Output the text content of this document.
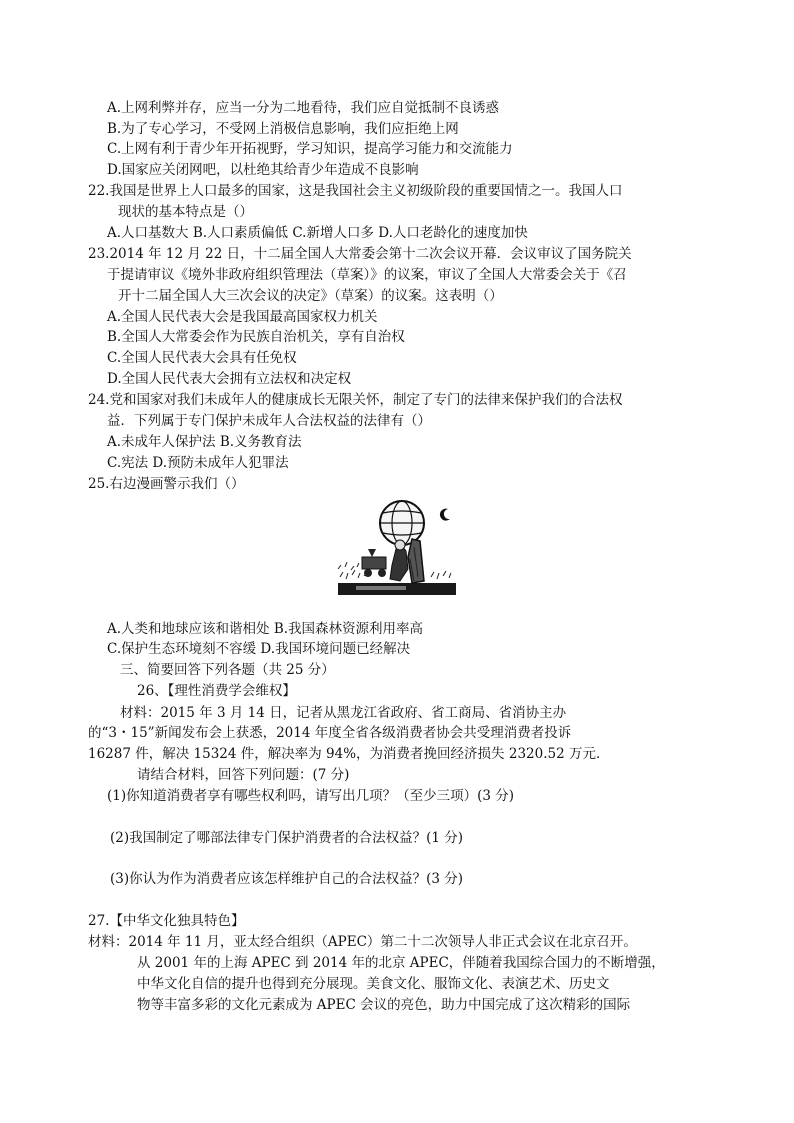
A.上网利弊并存，应当一分为二地看待，我们应自觉抵制不良诱惑
B.为了专心学习，不受网上消极信息影响，我们应拒绝上网
C.上网有利于青少年开拓视野，学习知识，提高学习能力和交流能力
D.国家应关闭网吧，以杜绝其给青少年造成不良影响
22.我国是世界上人口最多的国家，这是我国社会主义初级阶段的重要国情之一。我国人口
现状的基本特点是（）
A.人口基数大 B.人口素质偏低 C.新增人口多 D.人口老龄化的速度加快
23.2014 年 12 月 22 日，十二届全国人大常委会第十二次会议开幕．会议审议了国务院关
于提请审议《境外非政府组织管理法（草案）》的议案，审议了全国人大常委会关于《召
开十二届全国人大三次会议的决定》（草案）的议案。这表明（）
A.全国人民代表大会是我国最高国家权力机关
B.全国人大常委会作为民族自治机关，享有自治权
C.全国人民代表大会具有任免权
D.全国人民代表大会拥有立法权和决定权
24.党和国家对我们未成年人的健康成长无限关怀，制定了专门的法律来保护我们的合法权
益．下列属于专门保护未成年人合法权益的法律有（）
A.未成年人保护法 B.义务教育法
C.宪法 D.预防未成年人犯罪法
25.右边漫画警示我们（）
A.人类和地球应该和谐相处 B.我国森林资源利用率高
C.保护生态环境刻不容缓 D.我国环境问题已经解决
三、简要回答下列各题（共 25 分）
26、【理性消费学会维权】
材料：2015 年 3 月 14 日，记者从黑龙江省政府、省工商局、省消协主办
的“3・15”新闻发布会上获悉，2014 年度全省各级消费者协会共受理消费者投诉
16287 件，解决 15324 件，解决率为 94%，为消费者挽回经济损失 2320.52 万元．
请结合材料，回答下列问题：(7 分)
(1)你知道消费者享有哪些权利吗，请写出几项？（至少三项）(3 分)
(2)我国制定了哪部法律专门保护消费者的合法权益？(1 分)
(3)你认为作为消费者应该怎样维护自己的合法权益？(3 分)
27.【中华文化独具特色】
材料：2014 年 11 月，亚太经合组织（APEC）第二十二次领导人非正式会议在北京召开。
从 2001 年的上海 APEC 到 2014 年的北京 APEC，伴随着我国综合国力的不断增强，
中华文化自信的提升也得到充分展现。美食文化、服饰文化、表演艺术、历史文
物等丰富多彩的文化元素成为 APEC 会议的亮色，助力中国完成了这次精彩的国际
